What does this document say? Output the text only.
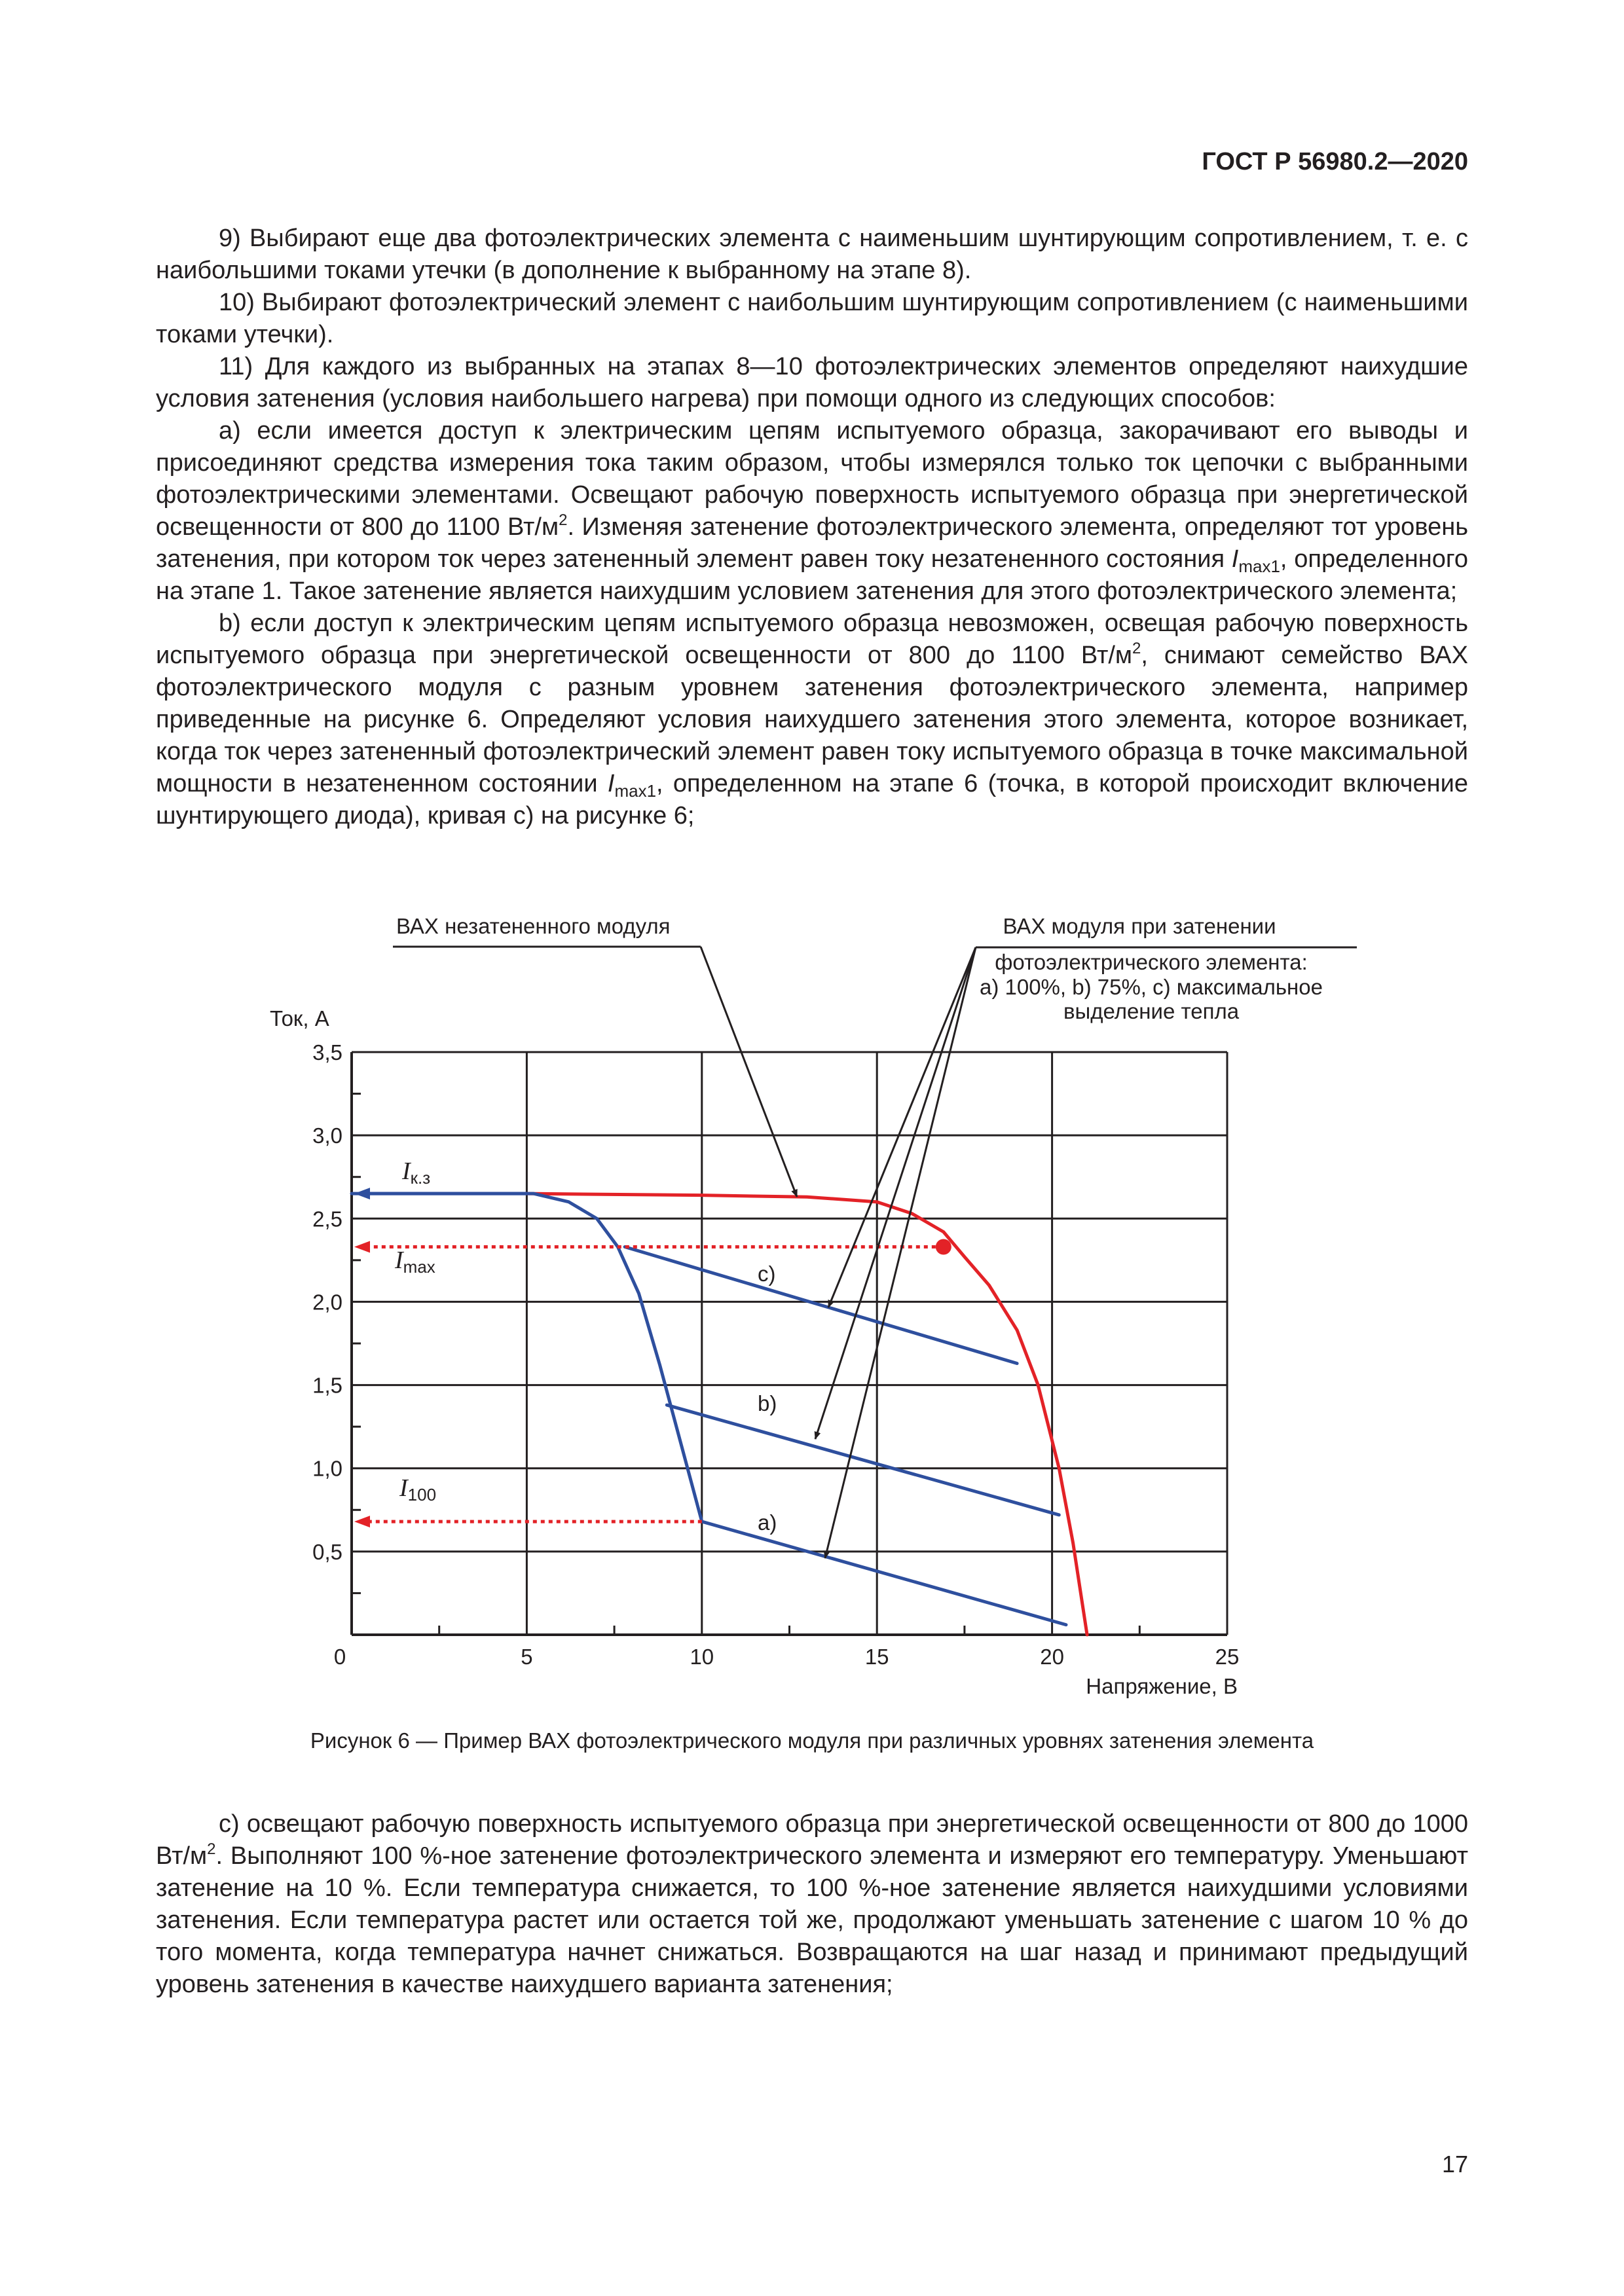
ГОСТ Р 56980.2—2020

9) Выбирают еще два фотоэлектрических элемента с наименьшим шунтирующим сопротивлением, т. е. с наибольшими токами утечки (в дополнение к выбранному на этапе 8).

10) Выбирают фотоэлектрический элемент с наибольшим шунтирующим сопротивлением (с наименьшими токами утечки).

11) Для каждого из выбранных на этапах 8—10 фотоэлектрических элементов определяют наихудшие условия затенения (условия наибольшего нагрева) при помощи одного из следующих способов:

а) если имеется доступ к электрическим цепям испытуемого образца, закорачивают его выводы и присоединяют средства измерения тока таким образом, чтобы измерялся только ток цепочки с выбранными фотоэлектрическими элементами. Освещают рабочую поверхность испытуемого образца при энергетической освещенности от 800 до 1100 $Вт/м^2$. Изменяя затенение фотоэлектрического элемента, определяют тот уровень затенения, при котором ток через затененный элемент равен току незатененного состояния $I_{max1}$, определенного на этапе 1. Такое затенение является наихудшим условием затенения для этого фотоэлектрического элемента;

b) если доступ к электрическим цепям испытуемого образца невозможен, освещая рабочую поверхность испытуемого образца при энергетической освещенности от 800 до 1100 $Вт/м^2$, снимают семейство ВАХ фотоэлектрического модуля с разным уровнем затенения фотоэлектрического элемента, например приведенные на рисунке 6. Определяют условия наихудшего затенения этого элемента, которое возникает, когда ток через затененный фотоэлектрический элемент равен току испытуемого образца в точке максимальной мощности в незатененном состоянии $I_{max1}$, определенном на этапе 6 (точка, в которой происходит включение шунтирующего диода), кривая с) на рисунке 6;

0	5	10	15	20	25
0,5
1,0
1,5
2,0
2,5
3,0
3,5
Ток, А
Напряжение, В
ВАХ незатененного модуля	ВАХ модуля при затенении
фотоэлектрического элемента:
a) 100%, b) 75%, c) максимальное
выделение тепла
c)
b)
a)
Iк.з
Imax
I100
Рисунок 6 — Пример ВАХ фотоэлектрического модуля при различных уровнях затенения элемента

с) освещают рабочую поверхность испытуемого образца при энергетической освещенности от 800 до 1000 $Вт/м^2$. Выполняют 100 %-ное затенение фотоэлектрического элемента и измеряют его температуру. Уменьшают затенение на 10 %. Если температура снижается, то 100 %-ное затенение является наихудшими условиями затенения. Если температура растет или остается той же, продолжают уменьшать затенение с шагом 10 % до того момента, когда температура начнет снижаться. Возвращаются на шаг назад и принимают предыдущий уровень затенения в качестве наихудшего варианта затенения;

17
